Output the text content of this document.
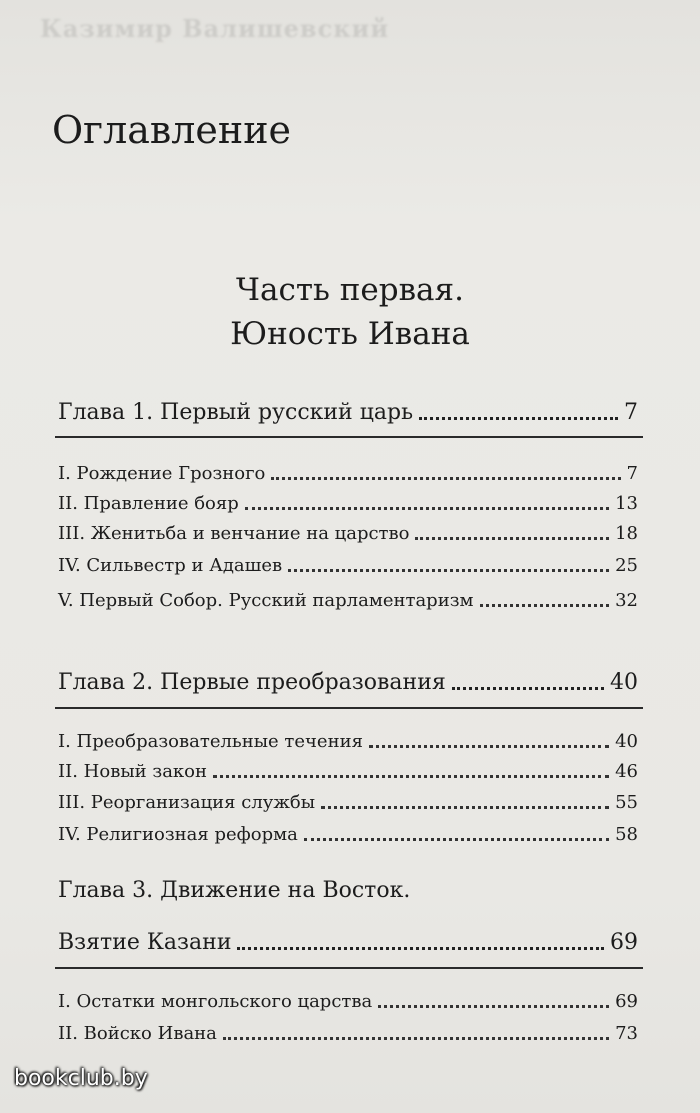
Казимир Валишевский
Оглавление
Часть первая.
Юность Ивана
Глава 1. Первый русский царь	7
I. Рождение Грозного	7
II. Правление бояр	13
III. Женитьба и венчание на царство	18
IV. Сильвестр и Адашев	25
V. Первый Собор. Русский парламентаризм	32
Глава 2. Первые преобразования	40
I. Преобразовательные течения	40
II. Новый закон	46
III. Реорганизация службы	55
IV. Религиозная реформа	58
Глава 3. Движение на Восток.
Взятие Казани	69
I. Остатки монгольского царства	69
II. Войско Ивана	73
bookclub.by
